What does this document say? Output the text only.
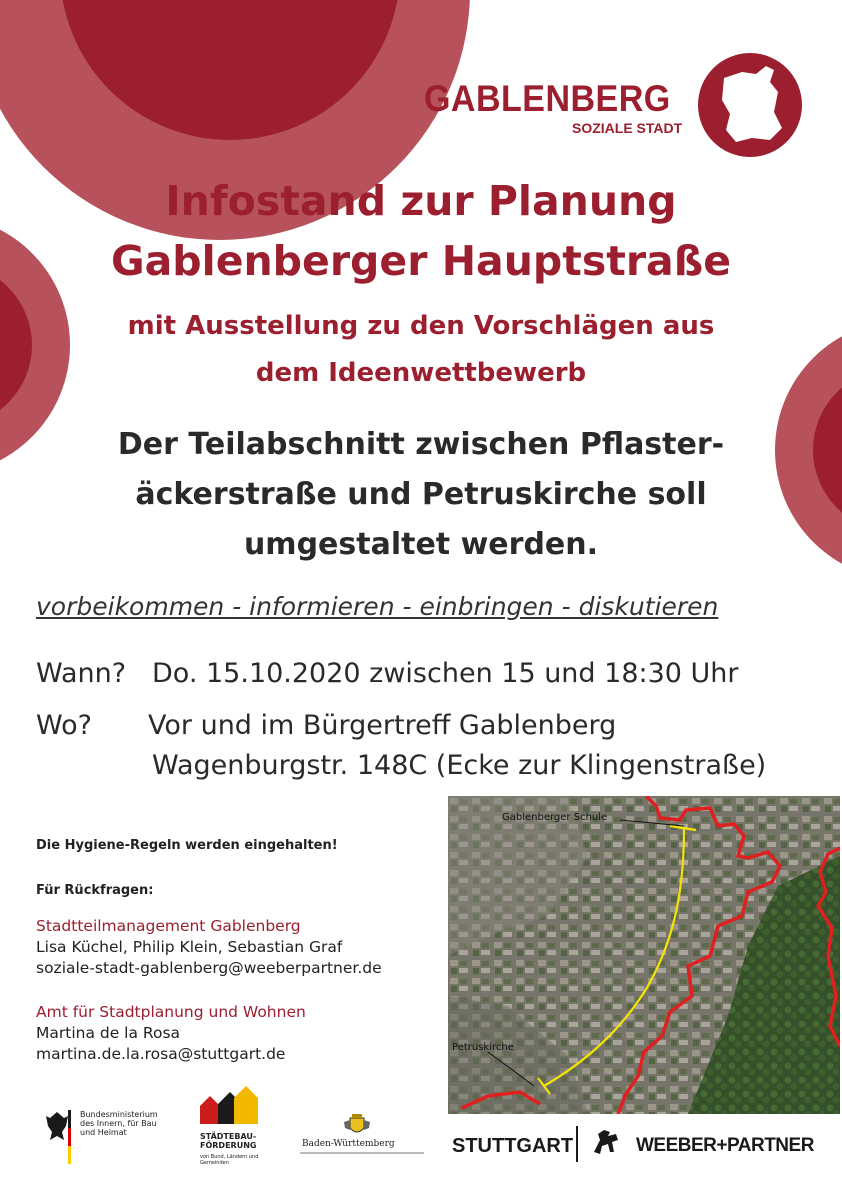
GABLENBERG
SOZIALE STADT
Infostand zur Planung
Gablenberger Hauptstraße
mit Ausstellung zu den Vorschlägen aus
dem Ideenwettbewerb
Der Teilabschnitt zwischen Pflaster-
äckerstraße und Petruskirche soll
umgestaltet werden.
vorbeikommen - informieren - einbringen - diskutieren
Wann? Do. 15.10.2020 zwischen 15 und 18:30 Uhr
Wo? Vor und im Bürgertreff Gablenberg
Wagenburgstr. 148C (Ecke zur Klingenstraße)
Die Hygiene-Regeln werden eingehalten!
Für Rückfragen:
Stadtteilmanagement Gablenberg
Lisa Küchel, Philip Klein, Sebastian Graf
soziale-stadt-gablenberg@weeberpartner.de
Amt für Stadtplanung und Wohnen
Martina de la Rosa
martina.de.la.rosa@stuttgart.de
Gablenberger Schule
Petruskirche
Bundesministerium
des Innern, für Bau
und Heimat	STÄDTEBAU-
FÖRDERUNG
von Bund, Ländern und Gemeinden
Baden-Württemberg	STUTTGART	WEEBER+PARTNER
